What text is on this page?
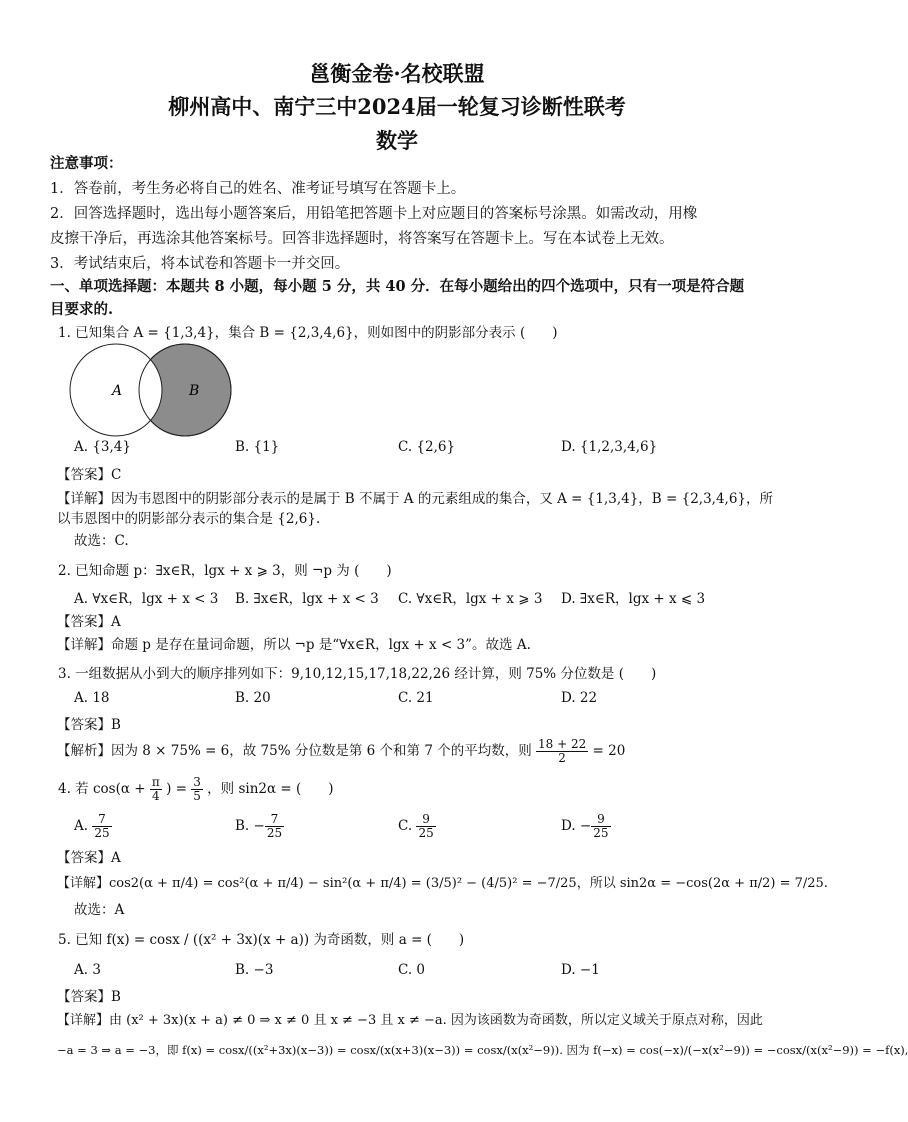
邕衡金卷·名校联盟
柳州高中、南宁三中2024届一轮复习诊断性联考
数学
注意事项：
1．答卷前，考生务必将自己的姓名、准考证号填写在答题卡上。
2．回答选择题时，选出每小题答案后，用铅笔把答题卡上对应题目的答案标号涂黑。如需改动，用橡
皮擦干净后，再选涂其他答案标号。回答非选择题时，将答案写在答题卡上。写在本试卷上无效。
3．考试结束后，将本试卷和答题卡一并交回。
一、单项选择题：本题共 8 小题，每小题 5 分，共 40 分．在每小题给出的四个选项中，只有一项是符合题
目要求的.
1. 已知集合 A = {1,3,4}，集合 B = {2,3,4,6}，则如图中的阴影部分表示 (　　)
A	B
A. {3,4}	B. {1}	C. {2,6}	D. {1,2,3,4,6}
【答案】C
【详解】因为韦恩图中的阴影部分表示的是属于 B 不属于 A 的元素组成的集合，又 A = {1,3,4}，B = {2,3,4,6}，所
以韦恩图中的阴影部分表示的集合是 {2,6}.
故选：C.
2. 已知命题 p：∃x∈R，lgx + x ⩾ 3，则 ¬p 为 (　　)
A. ∀x∈R，lgx + x < 3 B. ∃x∈R，lgx + x < 3 C. ∀x∈R，lgx + x ⩾ 3 D. ∃x∈R，lgx + x ⩽ 3
【答案】A
【详解】命题 p 是存在量词命题，所以 ¬p 是“∀x∈R，lgx + x < 3”。故选 A.
3. 一组数据从小到大的顺序排列如下：9,10,12,15,17,18,22,26 经计算，则 75% 分位数是 (　　)
A. 18	B. 20	C. 21	D. 22
【答案】B
【解析】因为 8 × 75% = 6，故 75% 分位数是第 6 个和第 7 个的平均数，则 $\frac{18 + 22}{2} = 20$
4. 若 $\cos(\alpha + \frac{\pi}{4}$ ) = $\frac{3}{5}$ ，则 sin2α = (　　)
A. $\frac{7}{25}$	B. − $\frac{7}{25}$	C. $\frac{9}{25}$	D. − $\frac{9}{25}$
【答案】A
【详解】cos2(α + π/4) = cos²(α + π/4) − sin²(α + π/4) = (3/5)² − (4/5)² = −7/25，所以 sin2α = −cos(2α + π/2) = 7/25.
故选：A
5. 已知 f(x) = cosx / ((x² + 3x)(x + a)) 为奇函数，则 a = (　　)
A. 3	B. −3	C. 0	D. −1
【答案】B
【详解】由 (x² + 3x)(x + a) ≠ 0 ⇒ x ≠ 0 且 x ≠ −3 且 x ≠ −a. 因为该函数为奇函数，所以定义域关于原点对称，因此
−a = 3 ⇒ a = −3，即 f(x) = cosx/((x²+3x)(x−3)) = cosx/(x(x+3)(x−3)) = cosx/(x(x²−9)). 因为 f(−x) = cos(−x)/(−x(x²−9)) = −cosx/(x(x²−9)) = −f(x),
